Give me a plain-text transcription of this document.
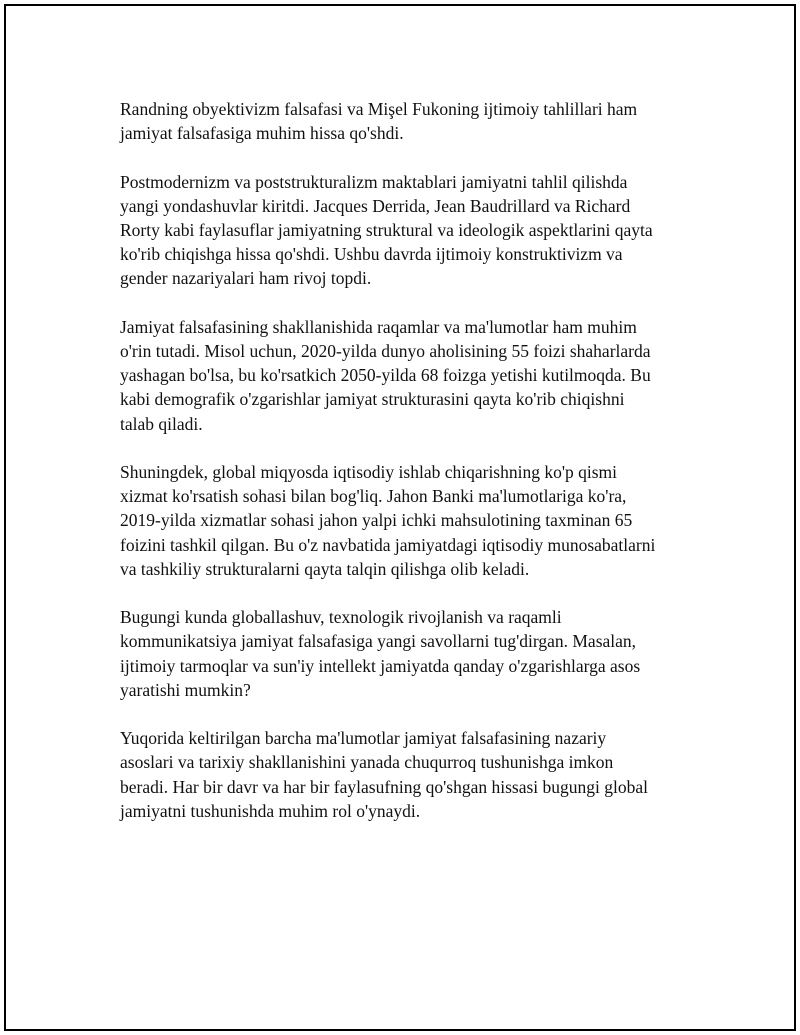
Randning obyektivizm falsafasi va Mişel Fukoning ijtimoiy tahlillari ham
jamiyat falsafasiga muhim hissa qo'shdi.

Postmodernizm va poststrukturalizm maktablari jamiyatni tahlil qilishda
yangi yondashuvlar kiritdi. Jacques Derrida, Jean Baudrillard va Richard
Rorty kabi faylasuflar jamiyatning struktural va ideologik aspektlarini qayta
ko'rib chiqishga hissa qo'shdi. Ushbu davrda ijtimoiy konstruktivizm va
gender nazariyalari ham rivoj topdi.

Jamiyat falsafasining shakllanishida raqamlar va ma'lumotlar ham muhim
o'rin tutadi. Misol uchun, 2020-yilda dunyo aholisining 55 foizi shaharlarda
yashagan bo'lsa, bu ko'rsatkich 2050-yilda 68 foizga yetishi kutilmoqda. Bu
kabi demografik o'zgarishlar jamiyat strukturasini qayta ko'rib chiqishni
talab qiladi.

Shuningdek, global miqyosda iqtisodiy ishlab chiqarishning ko'p qismi
xizmat ko'rsatish sohasi bilan bog'liq. Jahon Banki ma'lumotlariga ko'ra,
2019-yilda xizmatlar sohasi jahon yalpi ichki mahsulotining taxminan 65
foizini tashkil qilgan. Bu o'z navbatida jamiyatdagi iqtisodiy munosabatlarni
va tashkiliy strukturalarni qayta talqin qilishga olib keladi.

Bugungi kunda globallashuv, texnologik rivojlanish va raqamli
kommunikatsiya jamiyat falsafasiga yangi savollarni tug'dirgan. Masalan,
ijtimoiy tarmoqlar va sun'iy intellekt jamiyatda qanday o'zgarishlarga asos
yaratishi mumkin?

Yuqorida keltirilgan barcha ma'lumotlar jamiyat falsafasining nazariy
asoslari va tarixiy shakllanishini yanada chuqurroq tushunishga imkon
beradi. Har bir davr va har bir faylasufning qo'shgan hissasi bugungi global
jamiyatni tushunishda muhim rol o'ynaydi.
